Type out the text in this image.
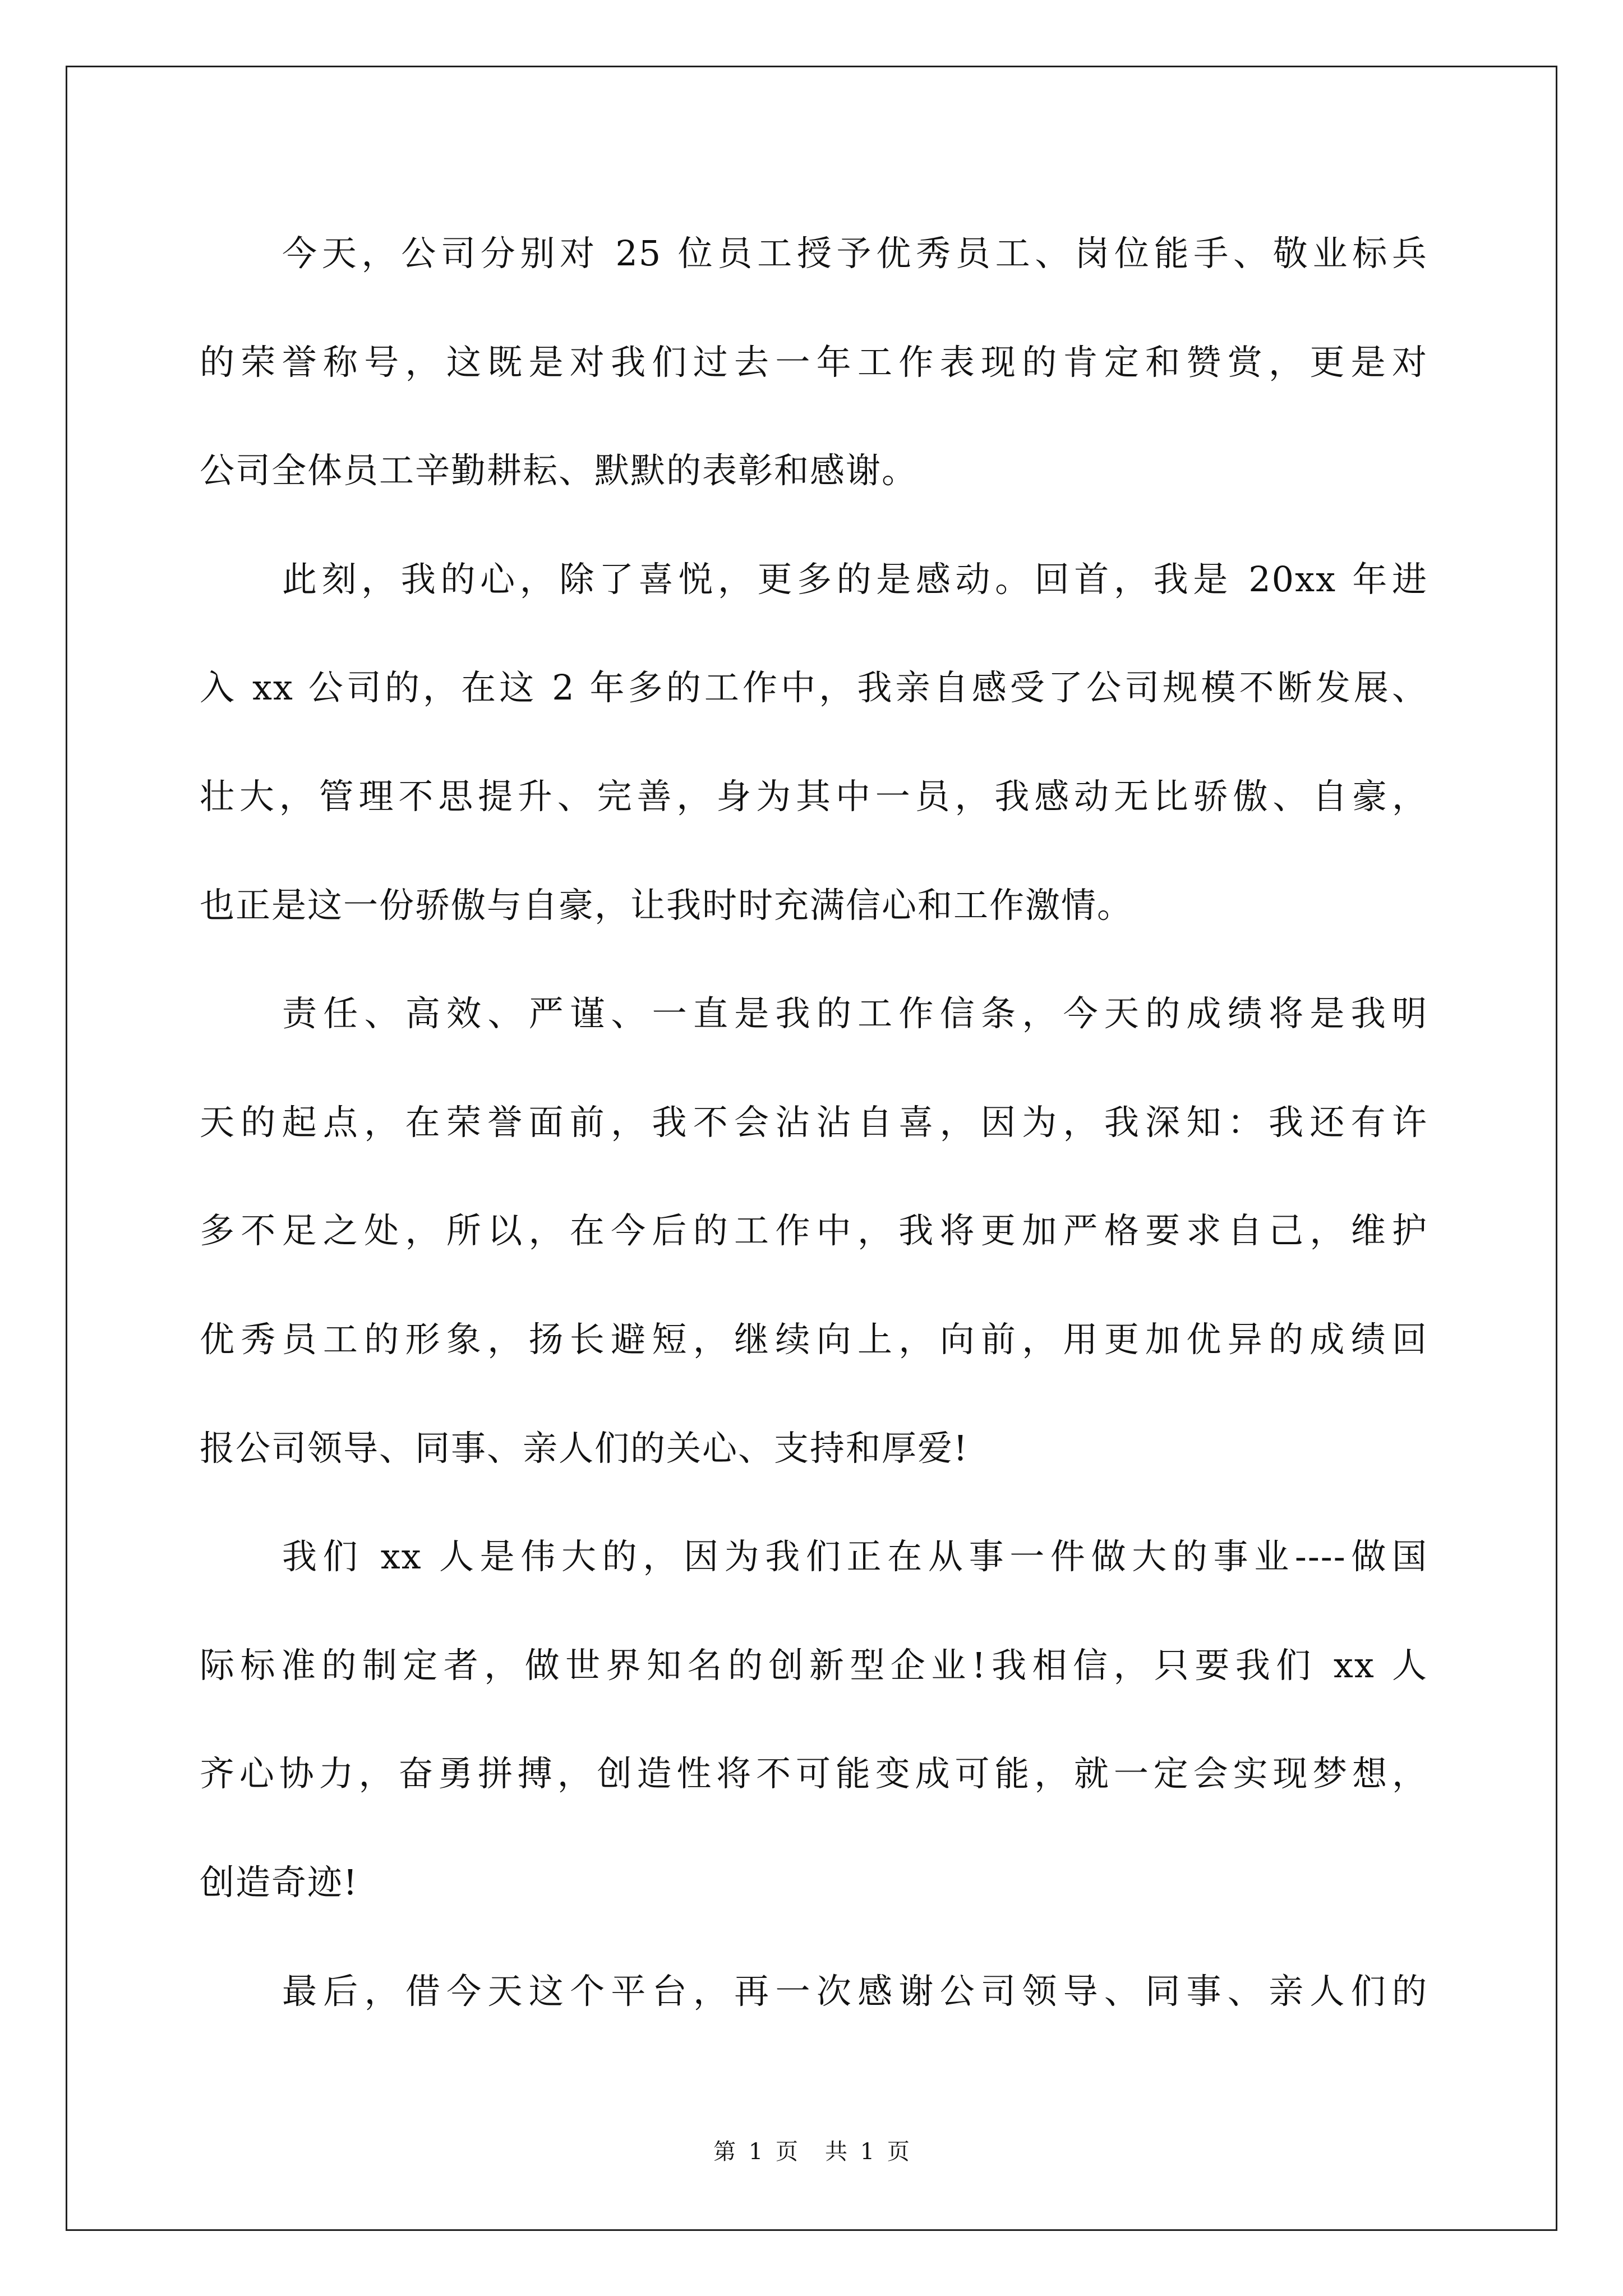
今天，公司分别对 25 位员工授予优秀员工、岗位能手、敬业标兵
的荣誉称号，这既是对我们过去一年工作表现的肯定和赞赏，更是对
公司全体员工辛勤耕耘、默默的表彰和感谢。
此刻，我的心，除了喜悦，更多的是感动。回首，我是 20xx 年进
入 xx 公司的，在这 2 年多的工作中，我亲自感受了公司规模不断发展、
壮大，管理不思提升、完善，身为其中一员，我感动无比骄傲、自豪，
也正是这一份骄傲与自豪，让我时时充满信心和工作激情。
责任、高效、严谨、一直是我的工作信条，今天的成绩将是我明
天的起点，在荣誉面前，我不会沾沾自喜，因为，我深知：我还有许
多不足之处，所以，在今后的工作中，我将更加严格要求自己，维护
优秀员工的形象，扬长避短，继续向上，向前，用更加优异的成绩回
报公司领导、同事、亲人们的关心、支持和厚爱!
我们 xx 人是伟大的，因为我们正在从事一件做大的事业----做国
际标准的制定者，做世界知名的创新型企业!我相信，只要我们 xx 人
齐心协力，奋勇拼搏，创造性将不可能变成可能，就一定会实现梦想，
创造奇迹!
最后，借今天这个平台，再一次感谢公司领导、同事、亲人们的
第 1 页 共 1 页
